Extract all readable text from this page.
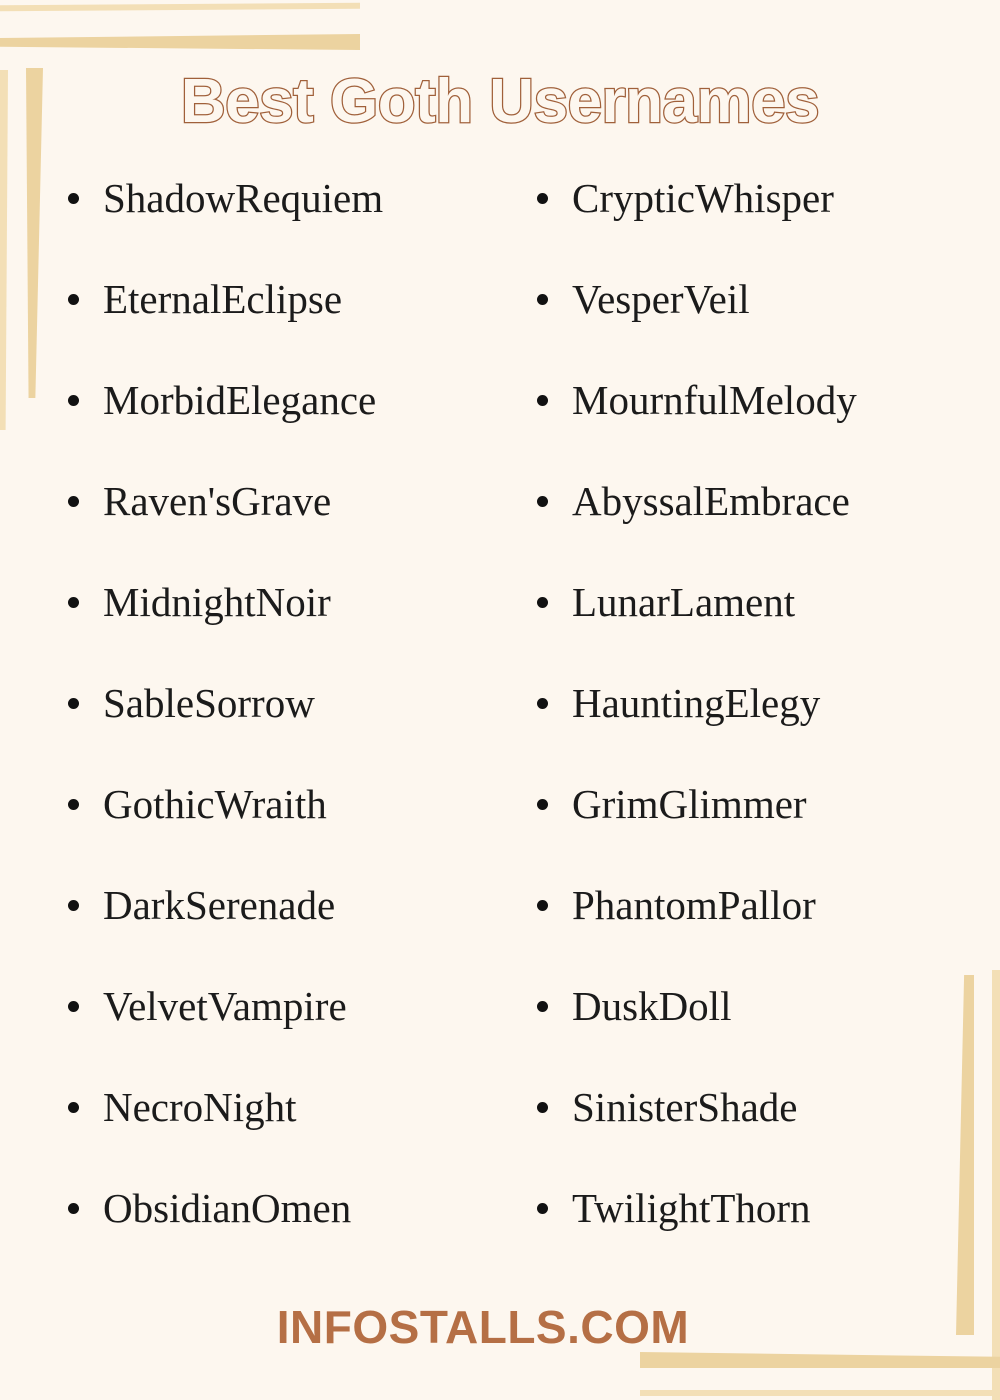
Best Goth Usernames
ShadowRequiem
EternalEclipse
MorbidElegance
Raven'sGrave
MidnightNoir
SableSorrow
GothicWraith
DarkSerenade
VelvetVampire
NecroNight
ObsidianOmen
CrypticWhisper
VesperVeil
MournfulMelody
AbyssalEmbrace
LunarLament
HauntingElegy
GrimGlimmer
PhantomPallor
DuskDoll
SinisterShade
TwilightThorn
INFOSTALLS.COM
